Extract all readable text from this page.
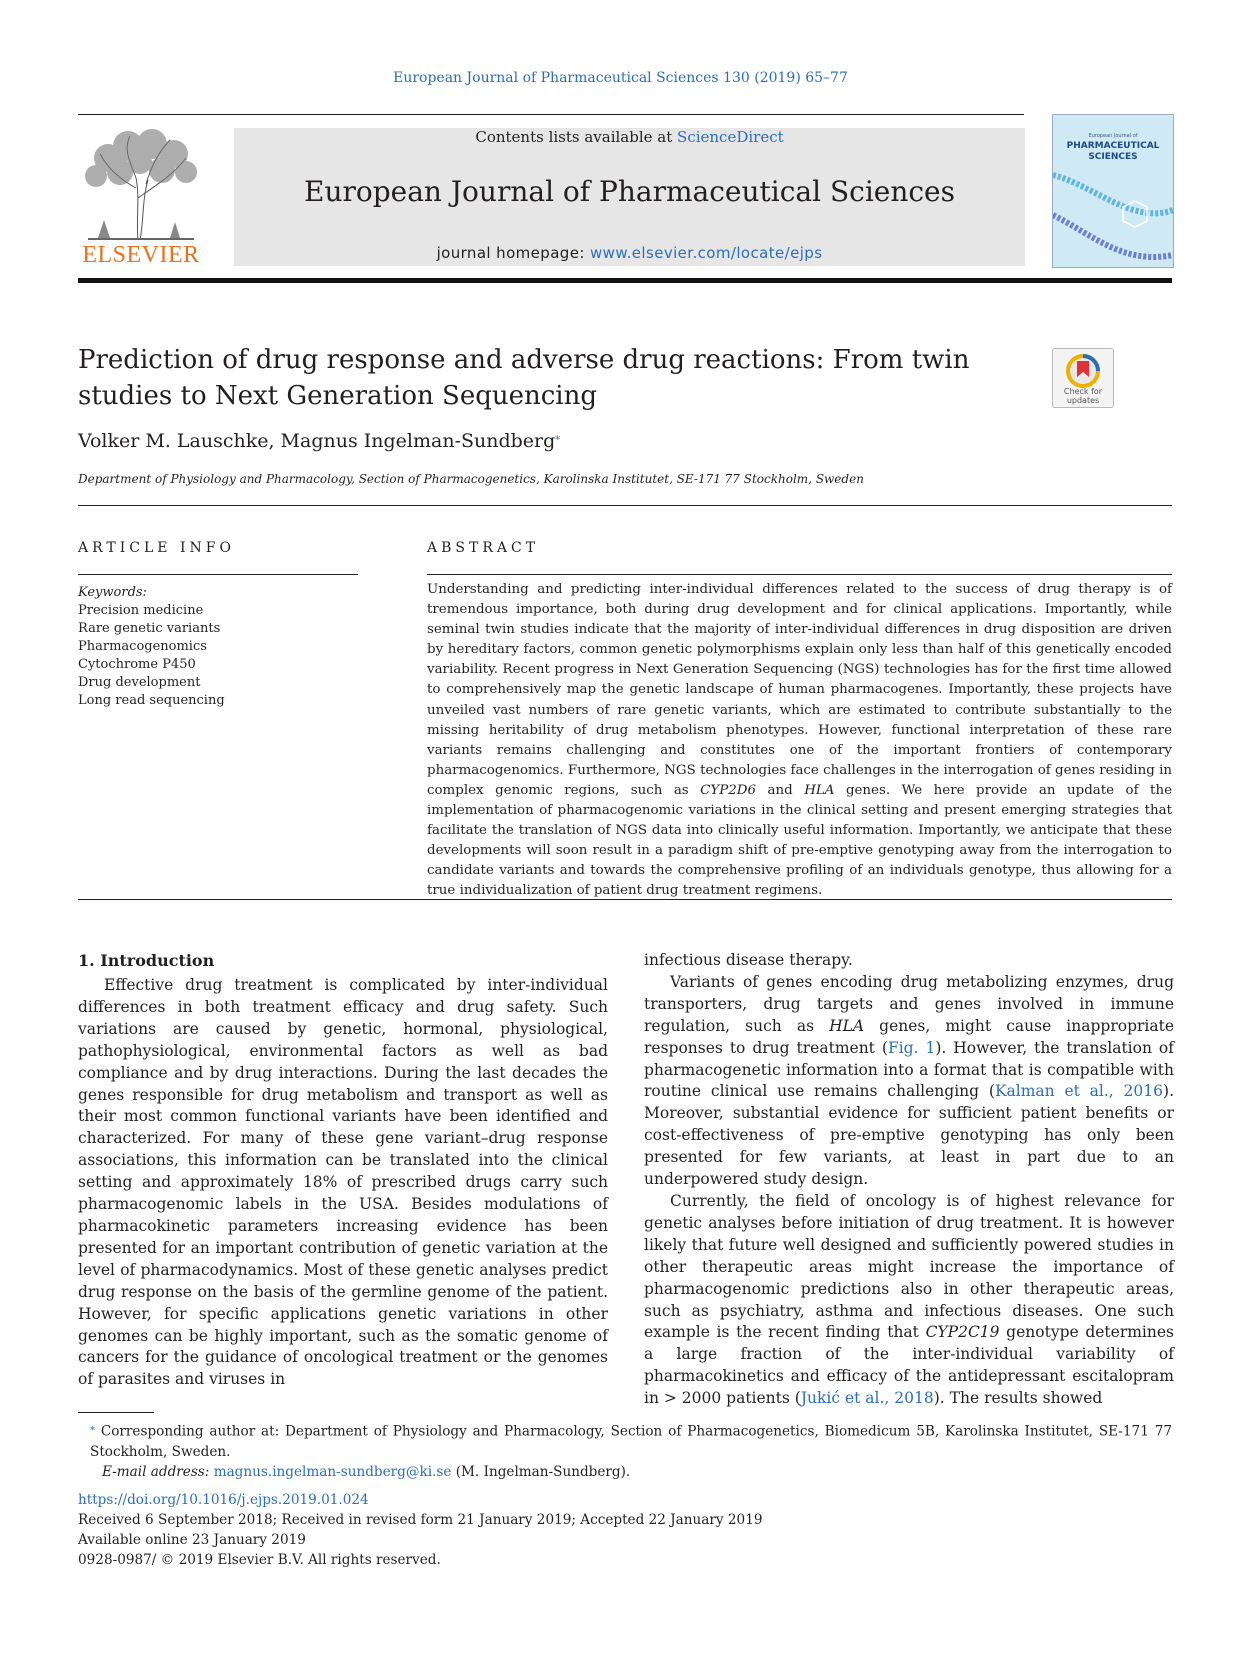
European Journal of Pharmaceutical Sciences 130 (2019) 65–77
ELSEVIER
Contents lists available at ScienceDirect
European Journal of Pharmaceutical Sciences
journal homepage: www.elsevier.com/locate/ejps
European Journal of
PHARMACEUTICAL SCIENCES
Prediction of drug response and adverse drug reactions: From twin studies to Next Generation Sequencing	Check for updates
Volker M. Lauschke, Magnus Ingelman-Sundberg⁎
Department of Physiology and Pharmacology, Section of Pharmacogenetics, Karolinska Institutet, SE-171 77 Stockholm, Sweden
ARTICLE INFO	ABSTRACT
Keywords:
Precision medicine
Rare genetic variants
Pharmacogenomics
Cytochrome P450
Drug development
Long read sequencing
Understanding and predicting inter-individual differences related to the success of drug therapy is of tremendous importance, both during drug development and for clinical applications. Importantly, while seminal twin studies indicate that the majority of inter-individual differences in drug disposition are driven by hereditary factors, common genetic polymorphisms explain only less than half of this genetically encoded variability. Recent progress in Next Generation Sequencing (NGS) technologies has for the first time allowed to comprehensively map the genetic landscape of human pharmacogenes. Importantly, these projects have unveiled vast numbers of rare genetic variants, which are estimated to contribute substantially to the missing heritability of drug metabolism phenotypes. However, functional interpretation of these rare variants remains challenging and constitutes one of the important frontiers of contemporary pharmacogenomics. Furthermore, NGS technologies face challenges in the interrogation of genes residing in complex genomic regions, such as CYP2D6 and HLA genes. We here provide an update of the implementation of pharmacogenomic variations in the clinical setting and present emerging strategies that facilitate the translation of NGS data into clinically useful information. Importantly, we anticipate that these developments will soon result in a paradigm shift of pre-emptive genotyping away from the interrogation to candidate variants and towards the comprehensive profiling of an individuals genotype, thus allowing for a true individualization of patient drug treatment regimens.
1. Introduction

Effective drug treatment is complicated by inter-individual differences in both treatment efficacy and drug safety. Such variations are caused by genetic, hormonal, physiological, pathophysiological, environmental factors as well as bad compliance and by drug interactions. During the last decades the genes responsible for drug metabolism and transport as well as their most common functional variants have been identified and characterized. For many of these gene variant–drug response associations, this information can be translated into the clinical setting and approximately 18% of prescribed drugs carry such pharmacogenomic labels in the USA. Besides modulations of pharmacokinetic parameters increasing evidence has been presented for an important contribution of genetic variation at the level of pharmacodynamics. Most of these genetic analyses predict drug response on the basis of the germline genome of the patient. However, for specific applications genetic variations in other genomes can be highly important, such as the somatic genome of cancers for the guidance of oncological treatment or the genomes of parasites and viruses in

infectious disease therapy.

Variants of genes encoding drug metabolizing enzymes, drug transporters, drug targets and genes involved in immune regulation, such as HLA genes, might cause inappropriate responses to drug treatment (Fig. 1). However, the translation of pharmacogenetic information into a format that is compatible with routine clinical use remains challenging (Kalman et al., 2016). Moreover, substantial evidence for sufficient patient benefits or cost-effectiveness of pre-emptive genotyping has only been presented for few variants, at least in part due to an underpowered study design.

Currently, the field of oncology is of highest relevance for genetic analyses before initiation of drug treatment. It is however likely that future well designed and sufficiently powered studies in other therapeutic areas might increase the importance of pharmacogenomic predictions also in other therapeutic areas, such as psychiatry, asthma and infectious diseases. One such example is the recent finding that CYP2C19 genotype determines a large fraction of the inter-individual variability of pharmacokinetics and efficacy of the antidepressant escitalopram in > 2000 patients (Jukić et al., 2018). The results showed

⁎ Corresponding author at: Department of Physiology and Pharmacology, Section of Pharmacogenetics, Biomedicum 5B, Karolinska Institutet, SE-171 77 Stockholm, Sweden.
E-mail address: magnus.ingelman-sundberg@ki.se (M. Ingelman-Sundberg).
https://doi.org/10.1016/j.ejps.2019.01.024
Received 6 September 2018; Received in revised form 21 January 2019; Accepted 22 January 2019
Available online 23 January 2019
0928-0987/ © 2019 Elsevier B.V. All rights reserved.
